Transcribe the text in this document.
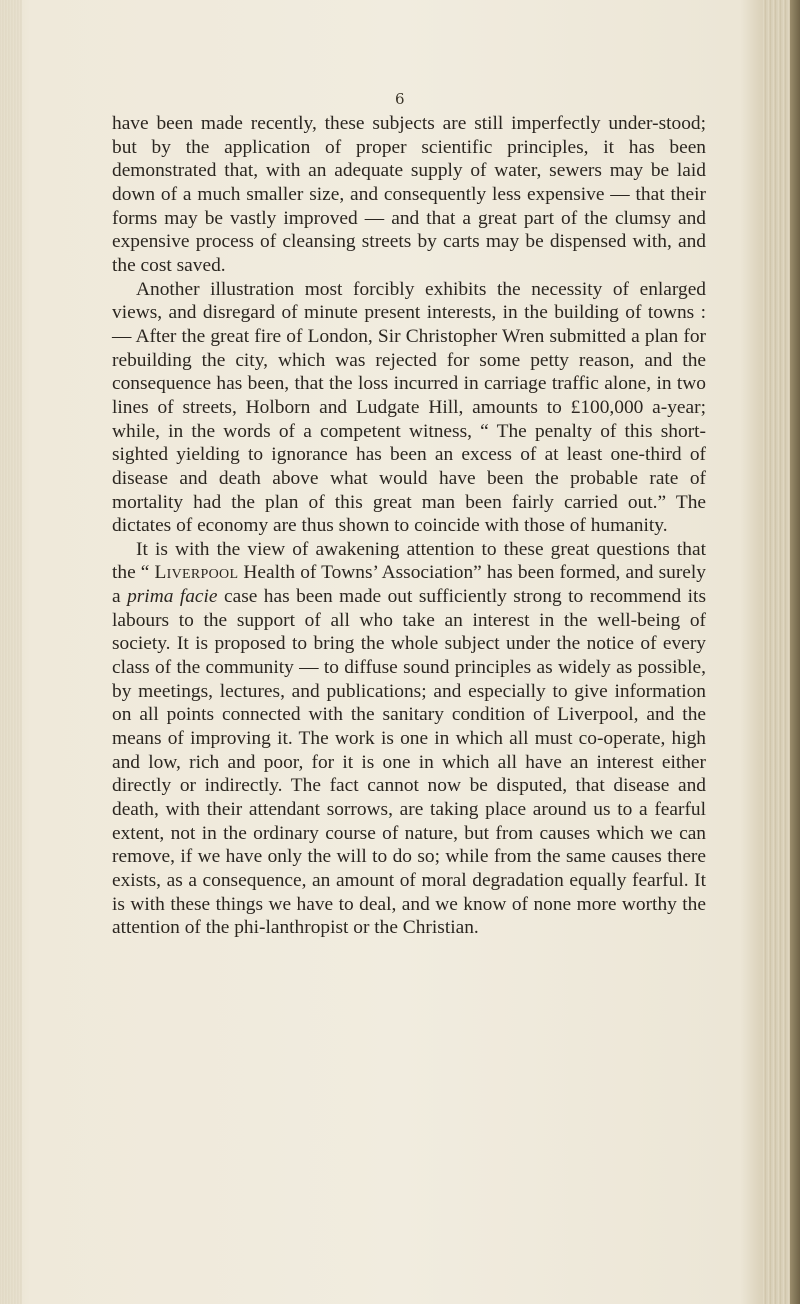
6

have been made recently, these subjects are still imperfectly under-stood; but by the application of proper scientific principles, it has been demonstrated that, with an adequate supply of water, sewers may be laid down of a much smaller size, and consequently less expensive — that their forms may be vastly improved — and that a great part of the clumsy and expensive process of cleansing streets by carts may be dispensed with, and the cost saved.

Another illustration most forcibly exhibits the necessity of enlarged views, and disregard of minute present interests, in the building of towns : — After the great fire of London, Sir Christopher Wren submitted a plan for rebuilding the city, which was rejected for some petty reason, and the consequence has been, that the loss incurred in carriage traffic alone, in two lines of streets, Holborn and Ludgate Hill, amounts to £100,000 a-year; while, in the words of a competent witness, “ The penalty of this short-sighted yielding to ignorance has been an excess of at least one-third of disease and death above what would have been the probable rate of mortality had the plan of this great man been fairly carried out.” The dictates of economy are thus shown to coincide with those of humanity.

It is with the view of awakening attention to these great questions that the “ Liverpool Health of Towns’ Association” has been formed, and surely a prima facie case has been made out sufficiently strong to recommend its labours to the support of all who take an interest in the well-being of society. It is proposed to bring the whole subject under the notice of every class of the community — to diffuse sound principles as widely as possible, by meetings, lectures, and publications; and especially to give information on all points connected with the sanitary condition of Liverpool, and the means of improving it. The work is one in which all must co-operate, high and low, rich and poor, for it is one in which all have an interest either directly or indirectly. The fact cannot now be disputed, that disease and death, with their attendant sorrows, are taking place around us to a fearful extent, not in the ordinary course of nature, but from causes which we can remove, if we have only the will to do so; while from the same causes there exists, as a consequence, an amount of moral degradation equally fearful. It is with these things we have to deal, and we know of none more worthy the attention of the phi-lanthropist or the Christian.
